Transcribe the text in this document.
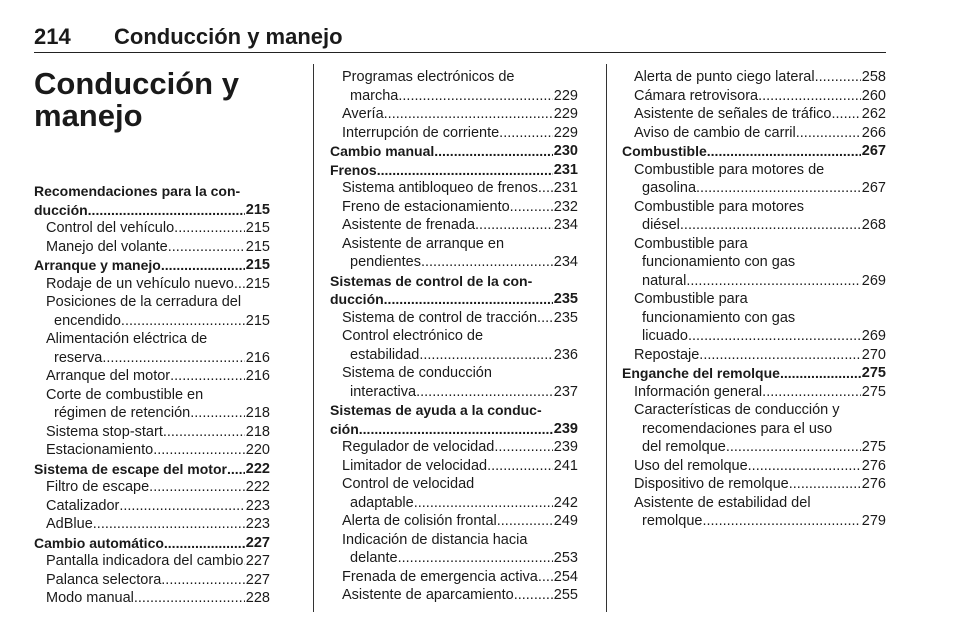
214 Conducción y manejo
Conducción y
manejo
Recomendaciones para la con-
ducción .....	215
Control del vehículo .....	215
Manejo del volante .....	215
Arranque y manejo .....	215
Rodaje de un vehículo nuevo ..... 215
Posiciones de la cerradura del
encendido .....	215
Alimentación eléctrica de
reserva .....	216
Arranque del motor .....	216
Corte de combustible en
régimen de retención .....	218
Sistema stop-start .....	218
Estacionamiento .....	220
Sistema de escape del motor ..... 222
Filtro de escape .....	222
Catalizador .....	223
AdBlue .....	223
Cambio automático .....	227
Pantalla indicadora del cambio ..... 227
Palanca selectora .....	227
Modo manual .....	228
Programas electrónicos de
marcha .....	229
Avería .....	229
Interrupción de corriente .....	229
Cambio manual .....	230
Frenos .....	231
Sistema antibloqueo de frenos ..... 231
Freno de estacionamiento .....	232
Asistente de frenada .....	234
Asistente de arranque en
pendientes .....	234
Sistemas de control de la con-
ducción .....	235
Sistema de control de tracción ..... 235
Control electrónico de
estabilidad .....	236
Sistema de conducción
interactiva .....	237
Sistemas de ayuda a la conduc-
ción .....	239
Regulador de velocidad .....	239
Limitador de velocidad .....	241
Control de velocidad
adaptable .....	242
Alerta de colisión frontal .....	249
Indicación de distancia hacia
delante .....	253
Frenada de emergencia activa ..... 254
Asistente de aparcamiento .....	255
Alerta de punto ciego lateral .....	258
Cámara retrovisora .....	260
Asistente de señales de tráfico ..... 262
Aviso de cambio de carril .....	266
Combustible .....	267
Combustible para motores de
gasolina .....	267
Combustible para motores
diésel .....	268
Combustible para
funcionamiento con gas
natural .....	269
Combustible para
funcionamiento con gas
licuado .....	269
Repostaje .....	270
Enganche del remolque .....	275
Información general .....	275
Características de conducción y
recomendaciones para el uso
del remolque .....	275
Uso del remolque .....	276
Dispositivo de remolque .....	276
Asistente de estabilidad del
remolque .....	279
